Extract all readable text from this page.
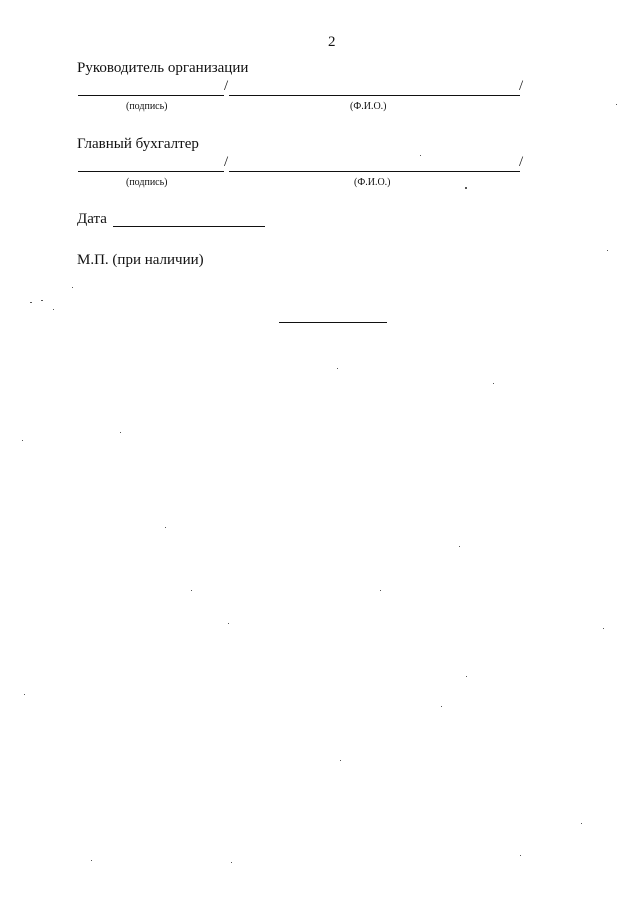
2
Руководитель организации
/	/
(подпись)	(Ф.И.О.)
Главный бухгалтер
/	/
(подпись)	(Ф.И.О.)
Дата
М.П. (при наличии)
